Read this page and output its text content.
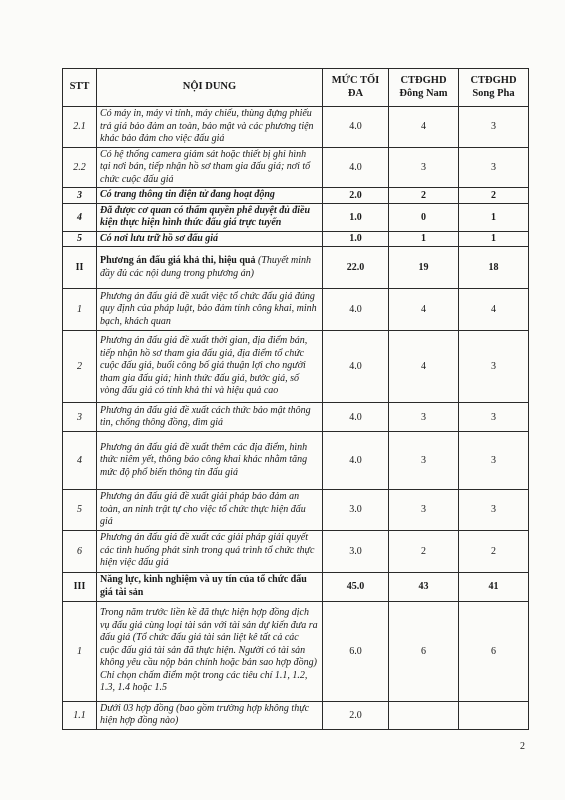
STT	NỘI DUNG	MỨC TỐI ĐA	CTĐGHD Đông Nam	CTĐGHD Song Pha
2.1	Có máy in, máy vi tính, máy chiếu, thùng đựng phiếu trả giá bảo đảm an toàn, bảo mật và các phương tiện khác bảo đảm cho việc đấu giá	4.0	4	3
2.2	Có hệ thống camera giám sát hoặc thiết bị ghi hình tại nơi bán, tiếp nhận hồ sơ tham gia đấu giá; nơi tổ chức cuộc đấu giá	4.0	3	3
3	Có trang thông tin điện tử đang hoạt động	2.0	2	2
4	Đã được cơ quan có thẩm quyền phê duyệt đủ điều kiện thực hiện hình thức đấu giá trực tuyến	1.0	0	1
5	Có nơi lưu trữ hồ sơ đấu giá	1.0	1	1
II	Phương án đấu giá khả thi, hiệu quả (Thuyết minh đầy đủ các nội dung trong phương án)	22.0	19	18
1	Phương án đấu giá đề xuất việc tổ chức đấu giá đúng quy định của pháp luật, bảo đảm tính công khai, minh bạch, khách quan	4.0	4	4
2	Phương án đấu giá đề xuất thời gian, địa điểm bán, tiếp nhận hồ sơ tham gia đấu giá, địa điểm tổ chức cuộc đấu giá, buổi công bố giá thuận lợi cho người tham gia đấu giá; hình thức đấu giá, bước giá, số vòng đấu giá có tính khả thi và hiệu quả cao	4.0	4	3
3	Phương án đấu giá đề xuất cách thức bảo mật thông tin, chống thông đồng, dìm giá	4.0	3	3
4	Phương án đấu giá đề xuất thêm các địa điểm, hình thức niêm yết, thông báo công khai khác nhằm tăng mức độ phổ biến thông tin đấu giá	4.0	3	3
5	Phương án đấu giá đề xuất giải pháp bảo đảm an toàn, an ninh trật tự cho việc tổ chức thực hiện đấu giá	3.0	3	3
6	Phương án đấu giá đề xuất các giải pháp giải quyết các tình huống phát sinh trong quá trình tổ chức thực hiện việc đấu giá	3.0	2	2
III	Năng lực, kinh nghiệm và uy tín của tổ chức đấu giá tài sản	45.0	43	41
1	Trong năm trước liền kề đã thực hiện hợp đồng dịch vụ đấu giá cùng loại tài sản với tài sản dự kiến đưa ra đấu giá (Tổ chức đấu giá tài sản liệt kê tất cả các cuộc đấu giá tài sản đã thực hiện. Người có tài sản không yêu cầu nộp bản chính hoặc bản sao hợp đồng) Chỉ chọn chấm điểm một trong các tiêu chí 1.1, 1.2, 1.3, 1.4 hoặc 1.5	6.0	6	6
1.1	Dưới 03 hợp đồng (bao gồm trường hợp không thực hiện hợp đồng nào)	2.0		
2
